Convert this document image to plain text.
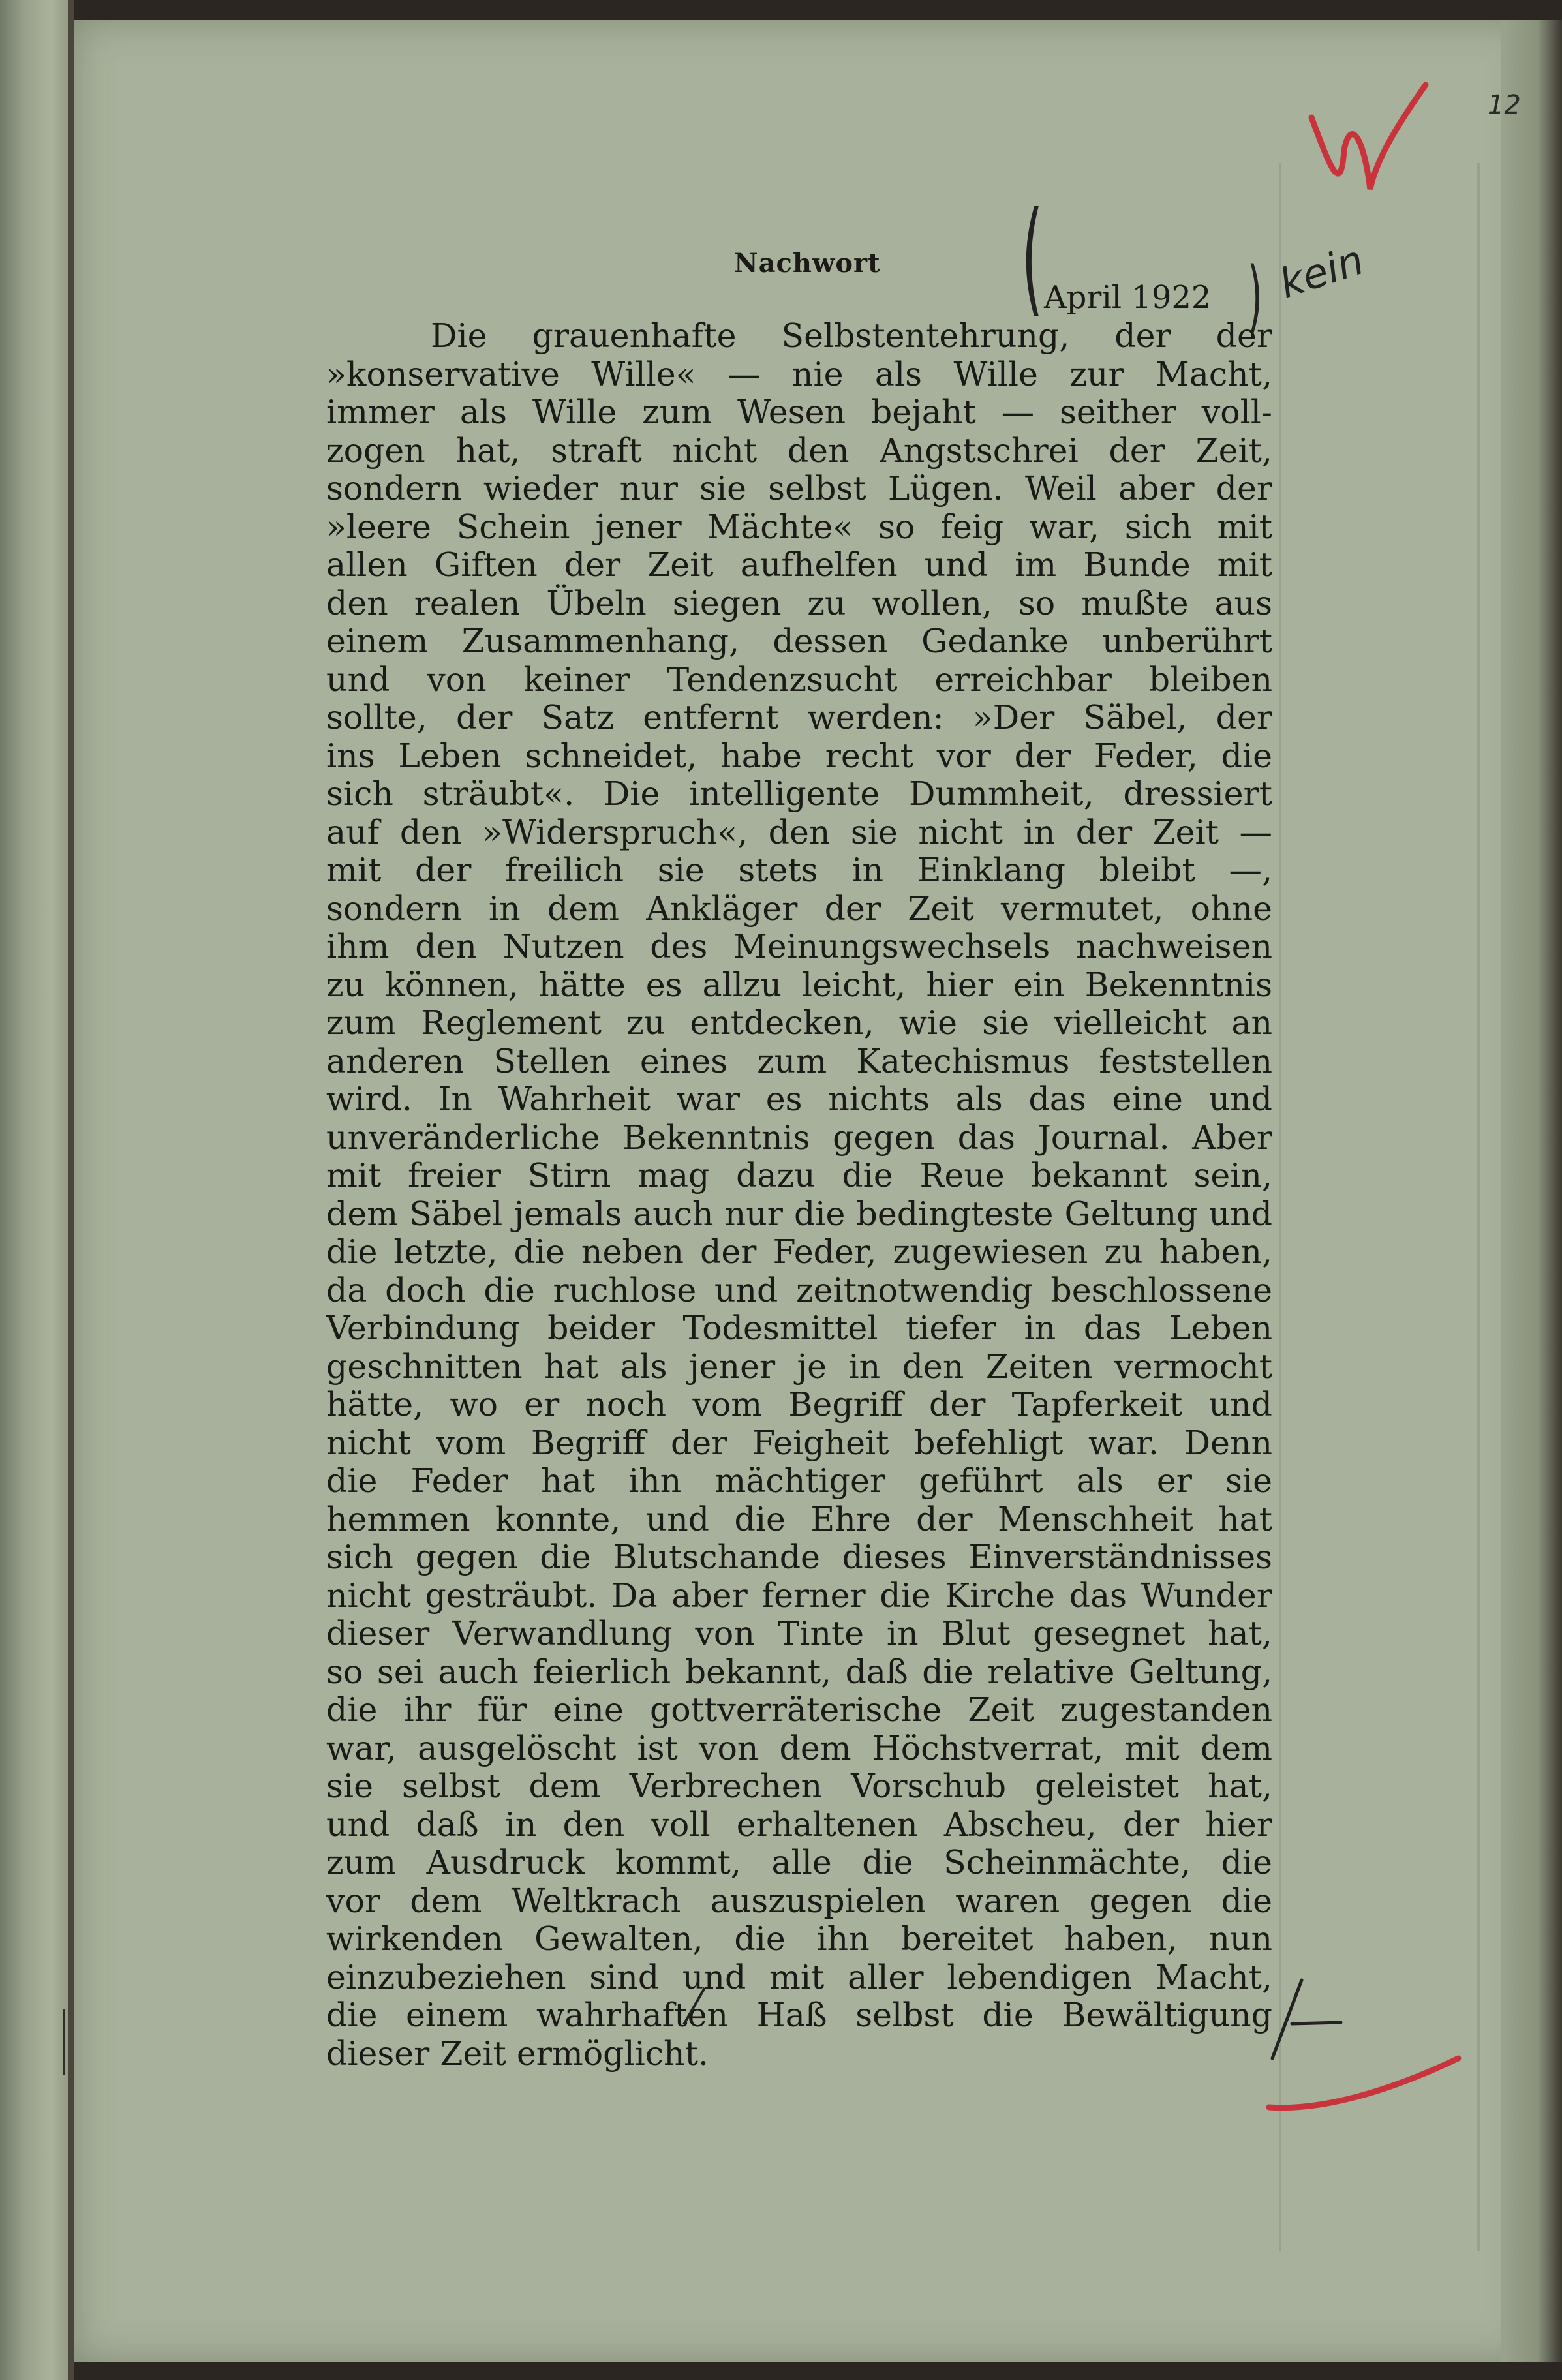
12
Nachwort ( April 1922 ) kein
Die grauenhafte Selbstentehrung, der der
»konservative Wille« — nie als Wille zur Macht,
immer als Wille zum Wesen bejaht — seither voll-
zogen hat, straft nicht den Angstschrei der Zeit,
sondern wieder nur sie selbst Lügen. Weil aber der
»leere Schein jener Mächte« so feig war, sich mit
allen Giften der Zeit aufhelfen und im Bunde mit
den realen Übeln siegen zu wollen, so mußte aus
einem Zusammenhang, dessen Gedanke unberührt
und von keiner Tendenzsucht erreichbar bleiben
sollte, der Satz entfernt werden: »Der Säbel, der
ins Leben schneidet, habe recht vor der Feder, die
sich sträubt«. Die intelligente Dummheit, dressiert
auf den »Widerspruch«, den sie nicht in der Zeit —
mit der freilich sie stets in Einklang bleibt —,
sondern in dem Ankläger der Zeit vermutet, ohne
ihm den Nutzen des Meinungswechsels nachweisen
zu können, hätte es allzu leicht, hier ein Bekenntnis
zum Reglement zu entdecken, wie sie vielleicht an
anderen Stellen eines zum Katechismus feststellen
wird. In Wahrheit war es nichts als das eine und
unveränderliche Bekenntnis gegen das Journal. Aber
mit freier Stirn mag dazu die Reue bekannt sein,
dem Säbel jemals auch nur die bedingteste Geltung und
die letzte, die neben der Feder, zugewiesen zu haben,
da doch die ruchlose und zeitnotwendig beschlossene
Verbindung beider Todesmittel tiefer in das Leben
geschnitten hat als jener je in den Zeiten vermocht
hätte, wo er noch vom Begriff der Tapferkeit und
nicht vom Begriff der Feigheit befehligt war. Denn
die Feder hat ihn mächtiger geführt als er sie
hemmen konnte, und die Ehre der Menschheit hat
sich gegen die Blutschande dieses Einverständnisses
nicht gesträubt. Da aber ferner die Kirche das Wunder
dieser Verwandlung von Tinte in Blut gesegnet hat,
so sei auch feierlich bekannt, daß die relative Geltung,
die ihr für eine gottverräterische Zeit zugestanden
war, ausgelöscht ist von dem Höchstverrat, mit dem
sie selbst dem Verbrechen Vorschub geleistet hat,
und daß in den voll erhaltenen Abscheu, der hier
zum Ausdruck kommt, alle die Scheinmächte, die
vor dem Weltkrach auszuspielen waren gegen die
wirkenden Gewalten, die ihn bereitet haben, nun
einzubeziehen sind und mit aller lebendigen Macht,
die einem wahrhaften Haß selbst die Bewältigung
dieser Zeit ermöglicht.
